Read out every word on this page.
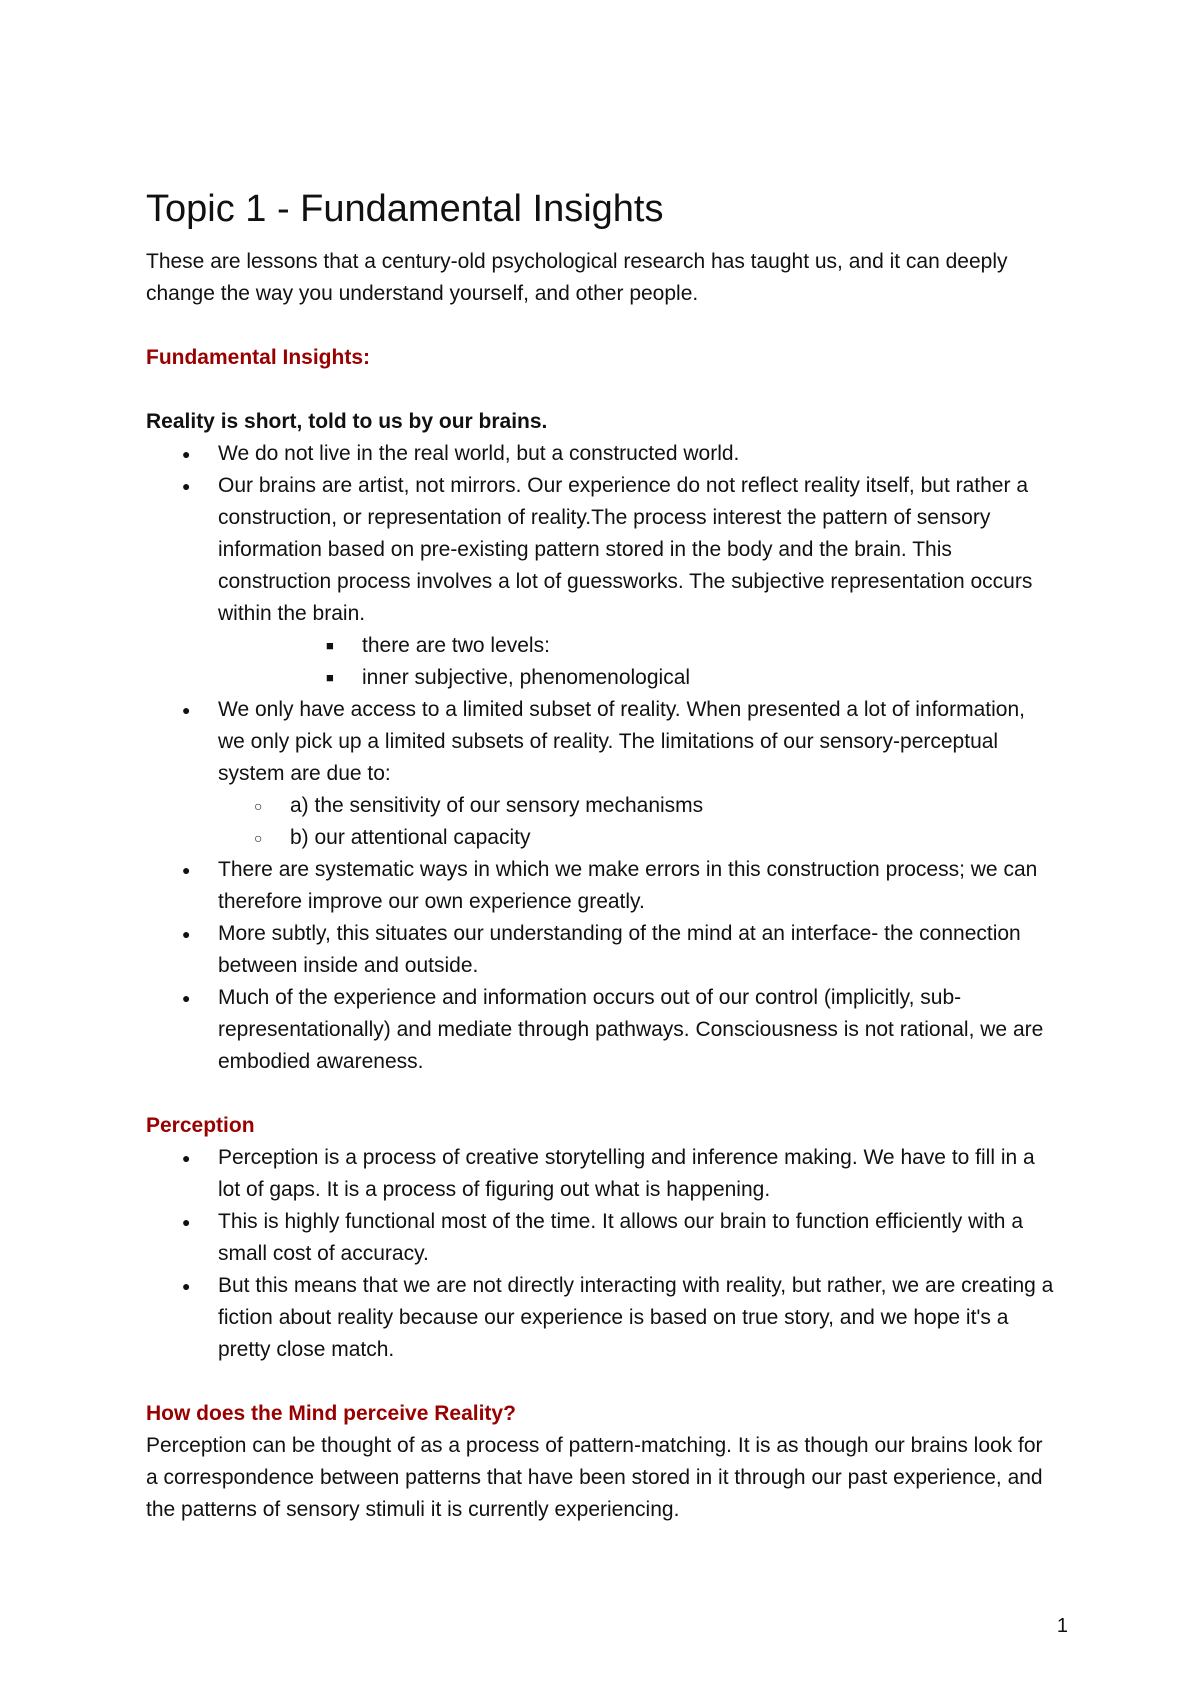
Topic 1 - Fundamental Insights

These are lessons that a century-old psychological research has taught us, and it can deeply change the way you understand yourself, and other people.

Fundamental Insights:

Reality is short, told to us by our brains.

● We do not live in the real world, but a constructed world.
● Our brains are artist, not mirrors. Our experience do not reflect reality itself, but rather a construction, or representation of reality.The process interest the pattern of sensory information based on pre-existing pattern stored in the body and the brain. This construction process involves a lot of guessworks. The subjective representation occurs within the brain.
■ there are two levels:
■ inner subjective, phenomenological
● We only have access to a limited subset of reality. When presented a lot of information, we only pick up a limited subsets of reality. The limitations of our sensory-perceptual system are due to:
○ a) the sensitivity of our sensory mechanisms
○ b) our attentional capacity
● There are systematic ways in which we make errors in this construction process; we can therefore improve our own experience greatly.
● More subtly, this situates our understanding of the mind at an interface- the connection between inside and outside.
● Much of the experience and information occurs out of our control (implicitly, sub-representationally) and mediate through pathways. Consciousness is not rational, we are embodied awareness.

Perception

● Perception is a process of creative storytelling and inference making. We have to fill in a lot of gaps. It is a process of figuring out what is happening.
● This is highly functional most of the time. It allows our brain to function efficiently with a small cost of accuracy.
● But this means that we are not directly interacting with reality, but rather, we are creating a fiction about reality because our experience is based on true story, and we hope it's a pretty close match.

How does the Mind perceive Reality?

Perception can be thought of as a process of pattern-matching. It is as though our brains look for a correspondence between patterns that have been stored in it through our past experience, and the patterns of sensory stimuli it is currently experiencing.

1
